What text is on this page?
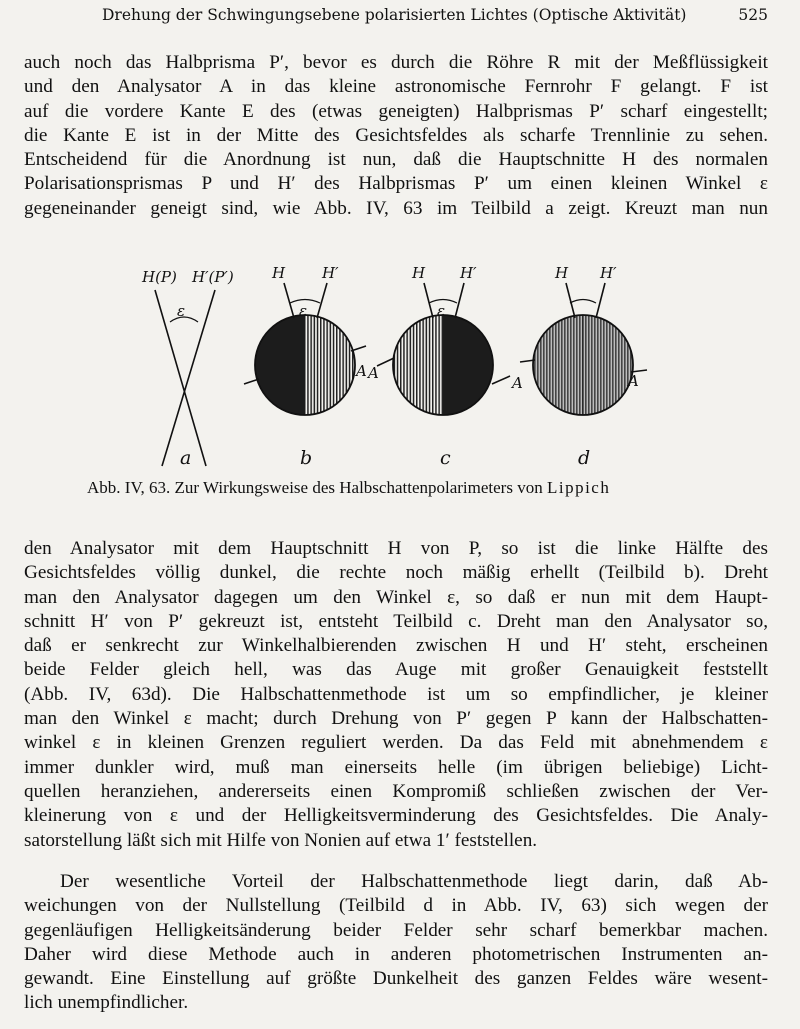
Drehung der Schwingungsebene polarisierten Lichtes (Optische Aktivität)	525

auch noch das Halbprisma P′, bevor es durch die Röhre R mit der Meßflüssigkeit
und den Analysator A in das kleine astronomische Fernrohr F gelangt. F ist
auf die vordere Kante E des (etwas geneigten) Halbprismas P′ scharf eingestellt;
die Kante E ist in der Mitte des Gesichtsfeldes als scharfe Trennlinie zu sehen.
Entscheidend für die Anordnung ist nun, daß die Hauptschnitte H des normalen
Polarisationsprismas P und H′ des Halbprismas P′ um einen kleinen Winkel ε
gegeneinander geneigt sind, wie Abb. IV, 63 im Teilbild a zeigt. Kreuzt man nun

H(P) H′(P′)
ε
a
H H′
ε
A
b
H H′
ε
A
A
c
H H′
A
d
Abb. IV, 63. Zur Wirkungsweise des Halbschattenpolarimeters von Lippich

den Analysator mit dem Hauptschnitt H von P, so ist die linke Hälfte des
Gesichtsfeldes völlig dunkel, die rechte noch mäßig erhellt (Teilbild b). Dreht
man den Analysator dagegen um den Winkel ε, so daß er nun mit dem Haupt-
schnitt H′ von P′ gekreuzt ist, entsteht Teilbild c. Dreht man den Analysator so,
daß er senkrecht zur Winkelhalbierenden zwischen H und H′ steht, erscheinen
beide Felder gleich hell, was das Auge mit großer Genauigkeit feststellt
(Abb. IV, 63d). Die Halbschattenmethode ist um so empfindlicher, je kleiner
man den Winkel ε macht; durch Drehung von P′ gegen P kann der Halbschatten-
winkel ε in kleinen Grenzen reguliert werden. Da das Feld mit abnehmendem ε
immer dunkler wird, muß man einerseits helle (im übrigen beliebige) Licht-
quellen heranziehen, andererseits einen Kompromiß schließen zwischen der Ver-
kleinerung von ε und der Helligkeitsverminderung des Gesichtsfeldes. Die Analy-
satorstellung läßt sich mit Hilfe von Nonien auf etwa 1′ feststellen.

Der wesentliche Vorteil der Halbschattenmethode liegt darin, daß Ab-
weichungen von der Nullstellung (Teilbild d in Abb. IV, 63) sich wegen der
gegenläufigen Helligkeitsänderung beider Felder sehr scharf bemerkbar machen.
Daher wird diese Methode auch in anderen photometrischen Instrumenten an-
gewandt. Eine Einstellung auf größte Dunkelheit des ganzen Feldes wäre wesent-
lich unempfindlicher.
